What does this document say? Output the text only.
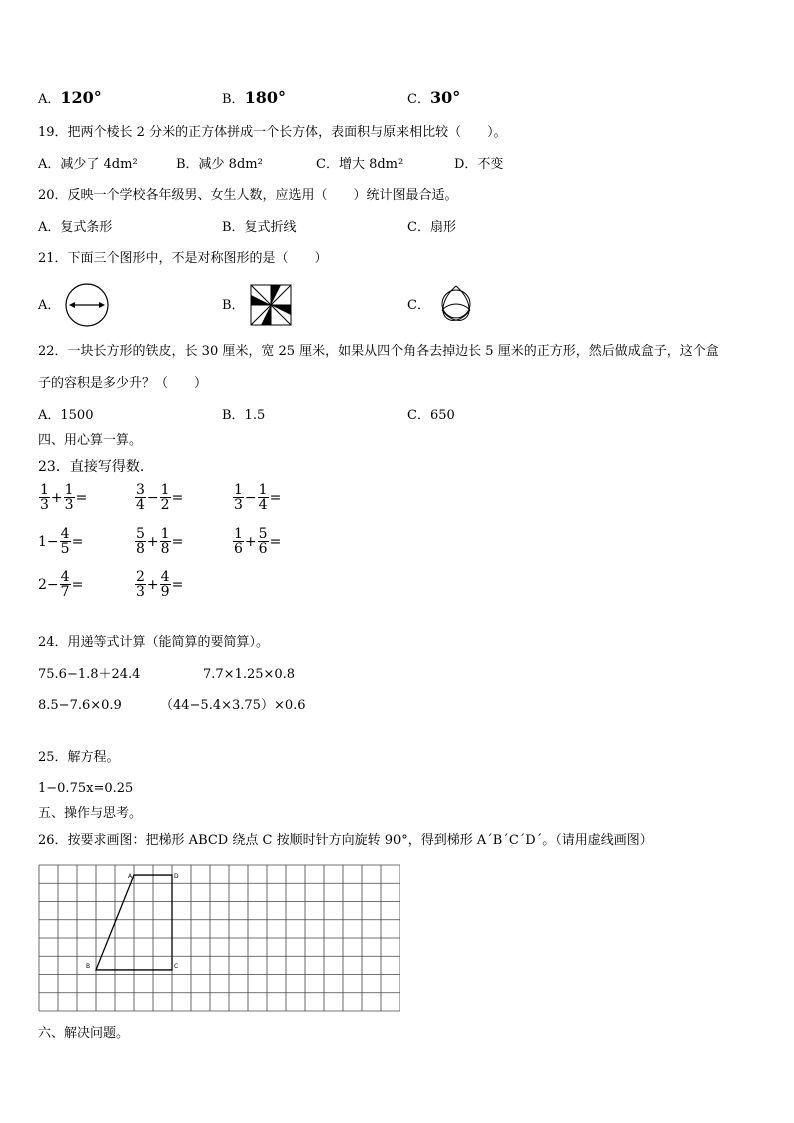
A．120°	B．180°	C．30°
19．把两个棱长 2 分米的正方体拼成一个长方体，表面积与原来相比较（　　）。
A．减少了 4dm²	B．减少 8dm²	C．增大 8dm²	D．不变
20．反映一个学校各年级男、女生人数，应选用（　　）统计图最合适。
A．复式条形	B．复式折线	C．扇形
21．下面三个图形中，不是对称图形的是（　　）
A．	B．	C．
22．一块长方形的铁皮，长 30 厘米，宽 25 厘米，如果从四个角各去掉边长 5 厘米的正方形，然后做成盒子，这个盒
子的容积是多少升？（　　）
A．1500	B．1.5	C．650
四、用心算一算。
23．直接写得数.
$\frac{1}{3} + \frac{1}{3}$ =	$\frac{3}{4} - \frac{1}{2}$ =	$\frac{1}{3} - \frac{1}{4}$ =
$1- \frac{4}{5}$ =	$\frac{5}{8} + \frac{1}{8}$ =	$\frac{1}{6} + \frac{5}{6}$ =
$2- \frac{4}{7}$ =	$\frac{2}{3} + \frac{4}{9}$ =
24．用递等式计算（能简算的要简算）。
75.6−1.8＋24.4	7.7×1.25×0.8
8.5−7.6×0.9	（44−5.4×3.75）×0.6
25．解方程。
1−0.75x=0.25
五、操作与思考。
26．按要求画图：把梯形 ABCD 绕点 C 按顺时针方向旋转 90°，得到梯形 A´B´C´D´。（请用虚线画图）
A	D
C
B
六、解决问题。
